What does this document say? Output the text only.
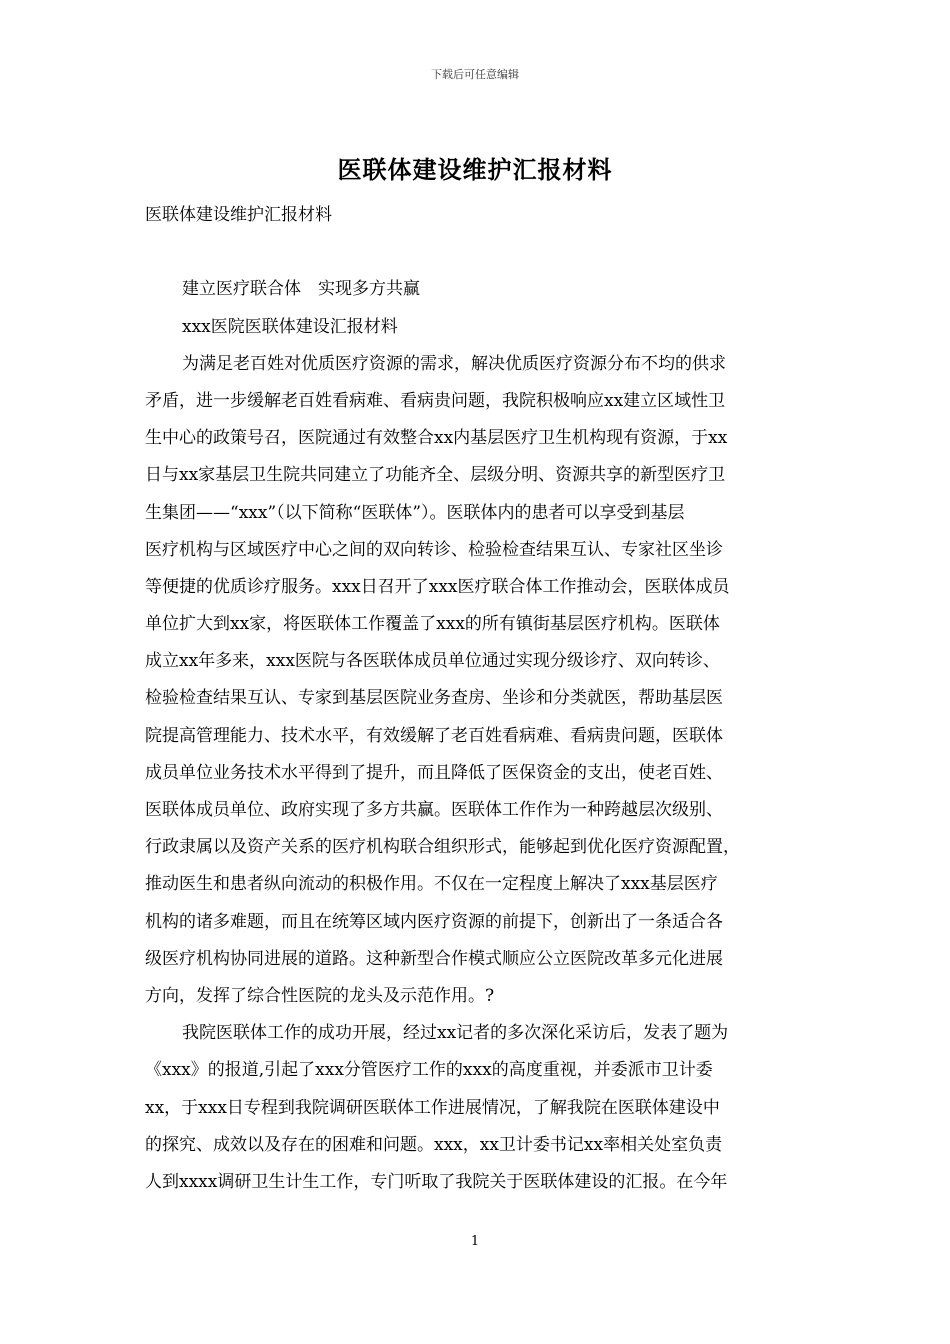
下载后可任意编辑
医联体建设维护汇报材料
医联体建设维护汇报材料
建立医疗联合体　实现多方共赢
xxx医院医联体建设汇报材料
为满足老百姓对优质医疗资源的需求，解决优质医疗资源分布不均的供求
矛盾，进一步缓解老百姓看病难、看病贵问题，我院积极响应xx建立区域性卫
生中心的政策号召，医院通过有效整合xx内基层医疗卫生机构现有资源，于xx
日与xx家基层卫生院共同建立了功能齐全、层级分明、资源共享的新型医疗卫
生集团——“xxx”（以下简称“医联体”）。医联体内的患者可以享受到基层
医疗机构与区域医疗中心之间的双向转诊、检验检查结果互认、专家社区坐诊
等便捷的优质诊疗服务。xxx日召开了xxx医疗联合体工作推动会，医联体成员
单位扩大到xx家，将医联体工作覆盖了xxx的所有镇街基层医疗机构。医联体
成立xx年多来，xxx医院与各医联体成员单位通过实现分级诊疗、双向转诊、
检验检查结果互认、专家到基层医院业务查房、坐诊和分类就医，帮助基层医
院提高管理能力、技术水平，有效缓解了老百姓看病难、看病贵问题，医联体
成员单位业务技术水平得到了提升，而且降低了医保资金的支出，使老百姓、
医联体成员单位、政府实现了多方共赢。医联体工作作为一种跨越层次级别、
行政隶属以及资产关系的医疗机构联合组织形式，能够起到优化医疗资源配置，
推动医生和患者纵向流动的积极作用。不仅在一定程度上解决了xxx基层医疗
机构的诸多难题，而且在统筹区域内医疗资源的前提下，创新出了一条适合各
级医疗机构协同进展的道路。这种新型合作模式顺应公立医院改革多元化进展
方向，发挥了综合性医院的龙头及示范作用。?
我院医联体工作的成功开展，经过xx记者的多次深化采访后，发表了题为
《xxx》的报道,引起了xxx分管医疗工作的xxx的高度重视，并委派市卫计委
xx，于xxx日专程到我院调研医联体工作进展情况，了解我院在医联体建设中
的探究、成效以及存在的困难和问题。xxx，xx卫计委书记xx率相关处室负责
人到xxxx调研卫生计生工作，专门听取了我院关于医联体建设的汇报。在今年
1
